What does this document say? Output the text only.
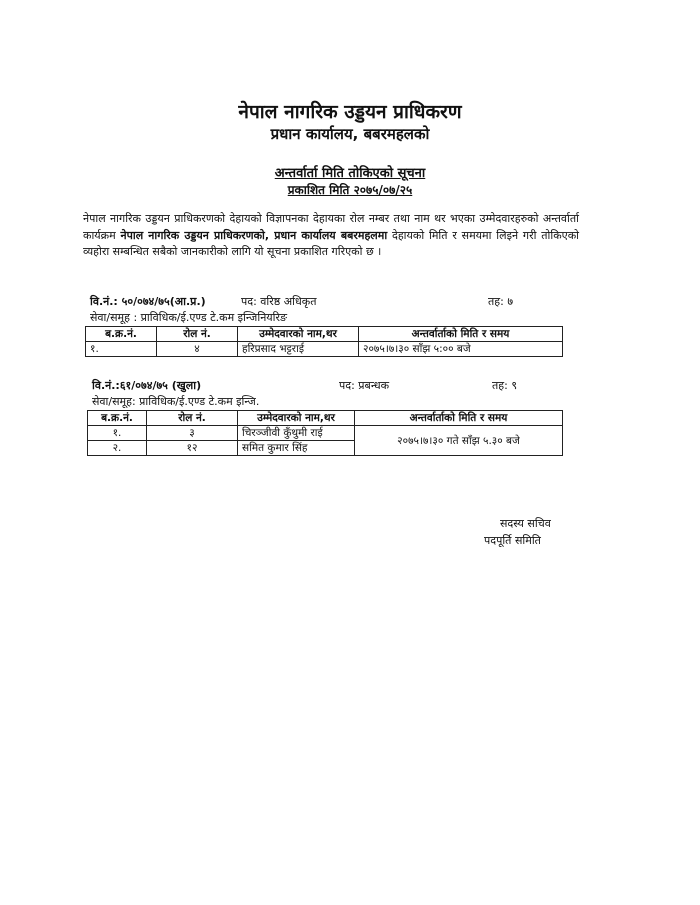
नेपाल नागरिक उड्डयन प्राधिकरण
प्रधान कार्यालय, बबरमहलको
अन्तर्वार्ता मिति तोकिएको सूचना
प्रकाशित मिति २०७५/०७/२५
नेपाल नागरिक उड्डयन प्राधिकरणको देहायको विज्ञापनका देहायका रोल नम्बर तथा नाम थर भएका उम्मेदवारहरुको अन्तर्वार्ता कार्यक्रम नेपाल नागरिक उड्डयन प्राधिकरणको, प्रधान कार्यालय बबरमहलमा देहायको मिति र समयमा लिइने गरी तोकिएको व्यहोरा सम्बन्धित सबैको जानकारीको लागि यो सूचना प्रकाशित गरिएको छ ।
वि.नं.: ५०/०७४/७५(आ.प्र.)	पद: वरिष्ठ अधिकृत	तह: ७
सेवा/समूह : प्राविधिक/ई.एण्ड टे.कम इन्जिनियरिङ
ब.क्र.नं.	रोल नं.	उम्मेदवारको नाम,थर	अन्तर्वार्ताको मिति र समय
१.	४	हरिप्रसाद भट्टराई	२०७५।७।३० साँझ ५:०० बजे
वि.नं.:६१/०७४/७५ (खुला)	पद: प्रबन्धक	तह: ९
सेवा/समूह: प्राविधिक/ई.एण्ड टे.कम इन्जि.
ब.क्र.नं.	रोल नं.	उम्मेदवारको नाम,थर	अन्तर्वार्ताको मिति र समय
१.	३	चिरञ्जीवी कुँथुमी राई	२०७५।७।३० गते साँझ ५.३० बजे
२.	१२	समित कुमार सिंह	
सदस्य सचिव
पदपूर्ति समिति
